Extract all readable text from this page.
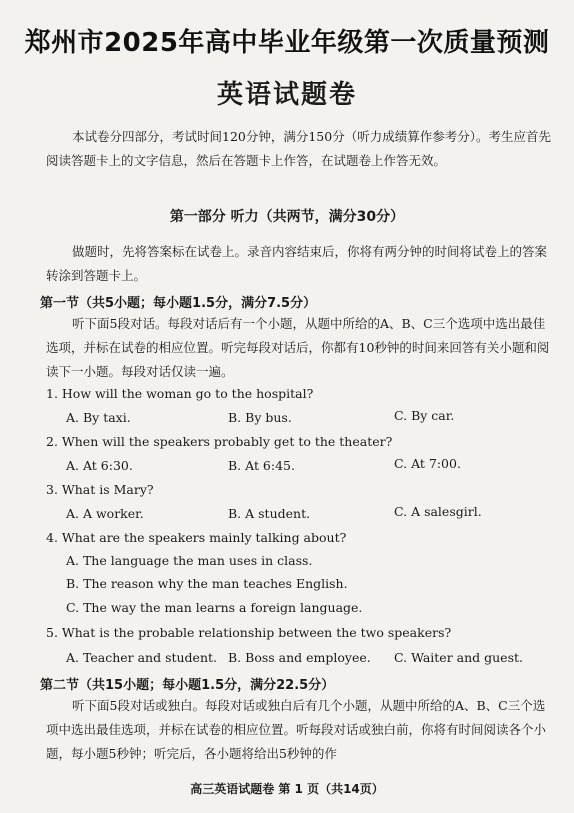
郑州市2025年高中毕业年级第一次质量预测
英语试题卷
本试卷分四部分，考试时间120分钟，满分150分（听力成绩算作参考分）。考生应首先阅读答题卡上的文字信息，然后在答题卡上作答，在试题卷上作答无效。
第一部分 听力（共两节，满分30分）
做题时，先将答案标在试卷上。录音内容结束后，你将有两分钟的时间将试卷上的答案转涂到答题卡上。
第一节（共5小题；每小题1.5分，满分7.5分）
听下面5段对话。每段对话后有一个小题，从题中所给的A、B、C三个选项中选出最佳选项，并标在试卷的相应位置。听完每段对话后，你都有10秒钟的时间来回答有关小题和阅读下一小题。每段对话仅读一遍。
1. How will the woman go to the hospital?
A. By taxi.	B. By bus.	C. By car.
2. When will the speakers probably get to the theater?
A. At 6:30.	B. At 6:45.	C. At 7:00.
3. What is Mary?
A. A worker.	B. A student.	C. A salesgirl.
4. What are the speakers mainly talking about?
A. The language the man uses in class.
B. The reason why the man teaches English.
C. The way the man learns a foreign language.
5. What is the probable relationship between the two speakers?
A. Teacher and student. B. Boss and employee. C. Waiter and guest.
第二节（共15小题；每小题1.5分，满分22.5分）
听下面5段对话或独白。每段对话或独白后有几个小题，从题中所给的A、B、C三个选项中选出最佳选项，并标在试卷的相应位置。听每段对话或独白前，你将有时间阅读各个小题，每小题5秒钟；听完后，各小题将给出5秒钟的作
高三英语试题卷 第 1 页（共14页）
